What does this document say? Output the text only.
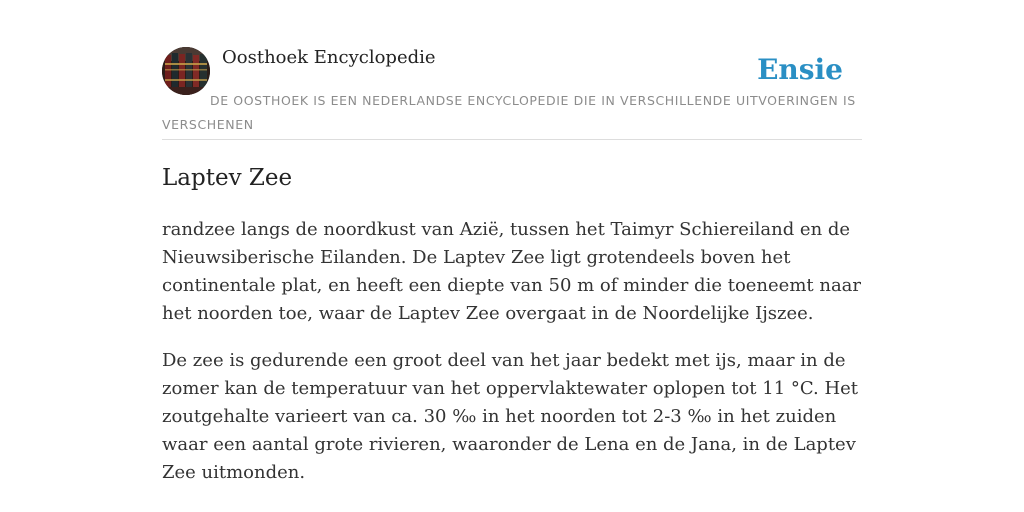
Oosthoek Encyclopedie	Ensie
DE OOSTHOEK IS EEN NEDERLANDSE ENCYCLOPEDIE DIE IN VERSCHILLENDE UITVOERINGEN IS VERSCHENEN
Laptev Zee

randzee langs de noordkust van Azië, tussen het Taimyr Schiereiland en de Nieuwsiberische Eilanden. De Laptev Zee ligt grotendeels boven het continentale plat, en heeft een diepte van 50 m of minder die toeneemt naar het noorden toe, waar de Laptev Zee overgaat in de Noordelijke Ijszee.

De zee is gedurende een groot deel van het jaar bedekt met ijs, maar in de zomer kan de temperatuur van het oppervlaktewater oplopen tot 11 °C. Het zoutgehalte varieert van ca. 30 ‰ in het noorden tot 2-3 ‰ in het zuiden waar een aantal grote rivieren, waaronder de Lena en de Jana, in de Laptev Zee uitmonden.
